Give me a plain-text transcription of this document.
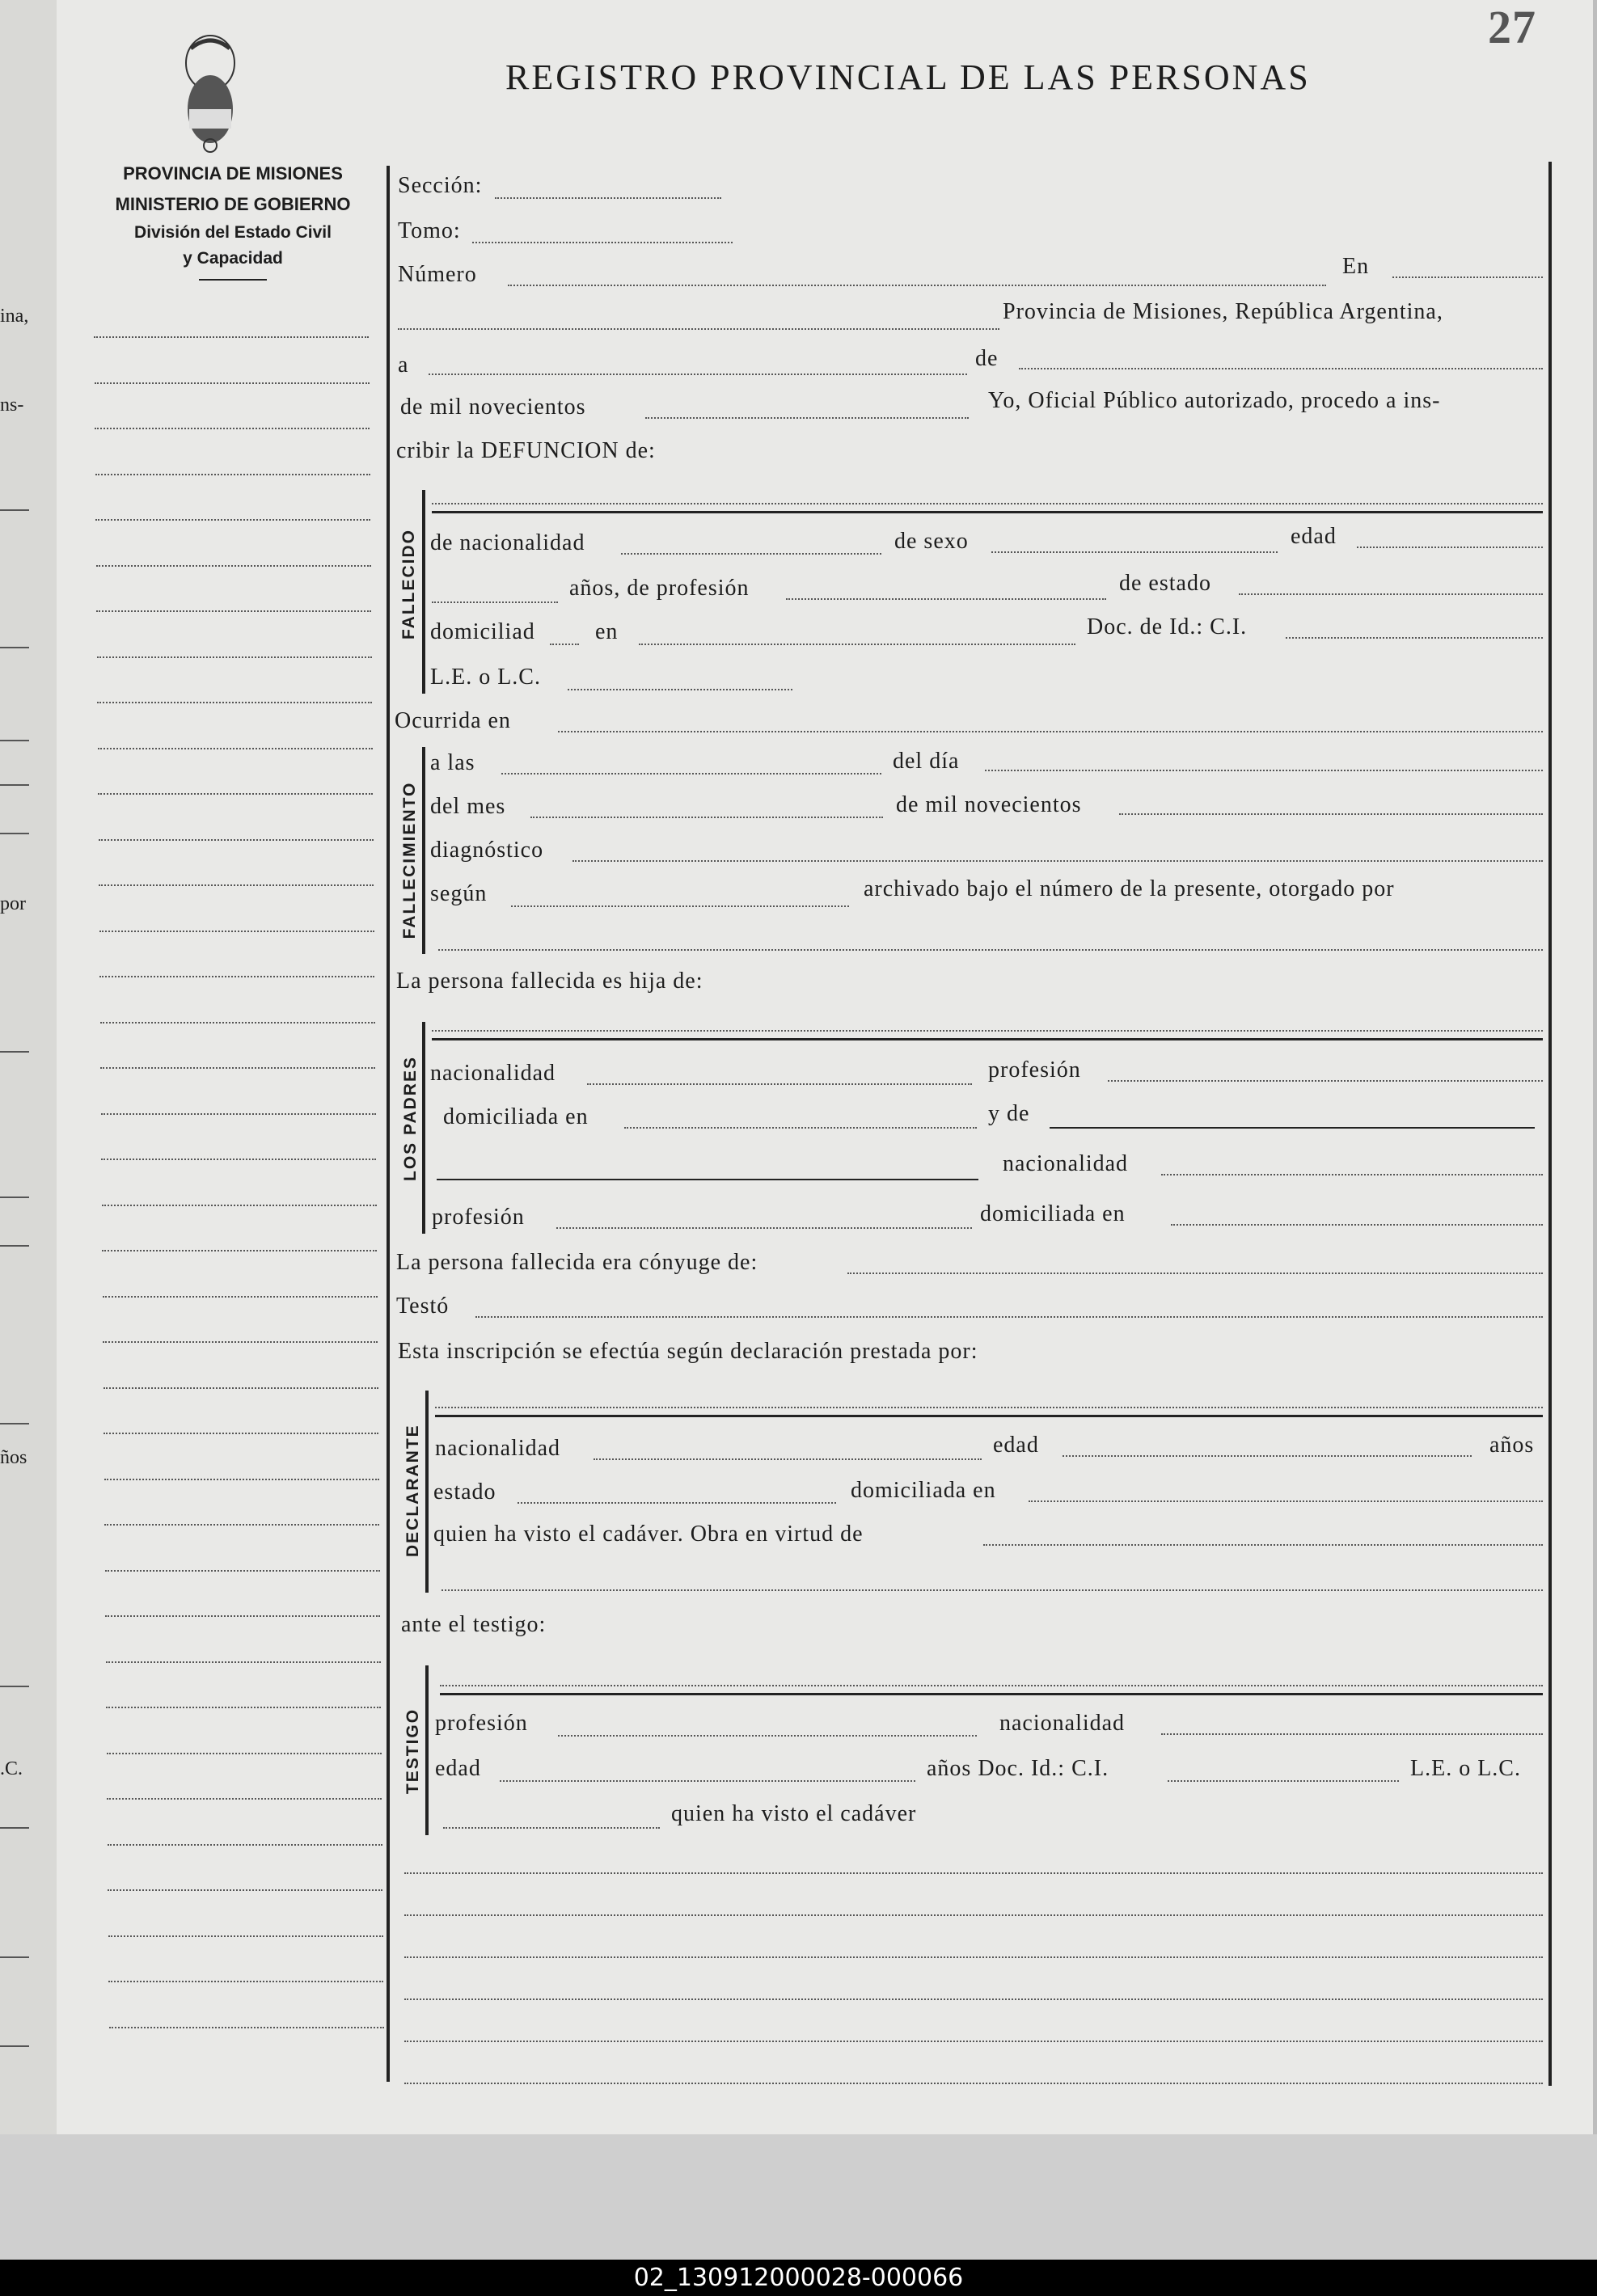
ina,
ns-
por
ños
.C.
02_130912000028-000066
27
REGISTRO PROVINCIAL DE LAS PERSONAS
PROVINCIA DE MISIONES
MINISTERIO DE GOBIERNO
División del Estado Civil
y Capacidad
Sección:
Tomo:
Número	En
Provincia de Misiones, República Argentina,
a	de
de mil novecientos	Yo, Oficial Público autorizado, procedo a ins-
cribir la DEFUNCION de:
FALLECIDO de nacionalidad	de sexo	edad
años, de profesión	de estado
domiciliad	en	Doc. de Id.: C.I.
L.E. o L.C.
Ocurrida en
FALLECIMIENTO
a las	del día
del mes	de mil novecientos
diagnóstico
según	archivado bajo el número de la presente, otorgado por
La persona fallecida es hija de:
LOS PADRES nacionalidad	profesión
domiciliada en	y de
nacionalidad
profesión	domiciliada en
La persona fallecida era cónyuge de:
Testó
Esta inscripción se efectúa según declaración prestada por:
DECLARANTE nacionalidad	edad	años
estado	domiciliada en
quien ha visto el cadáver. Obra en virtud de
ante el testigo:
TESTIGO profesión	nacionalidad
edad	años Doc. Id.: C.I.	L.E. o L.C.
quien ha visto el cadáver
